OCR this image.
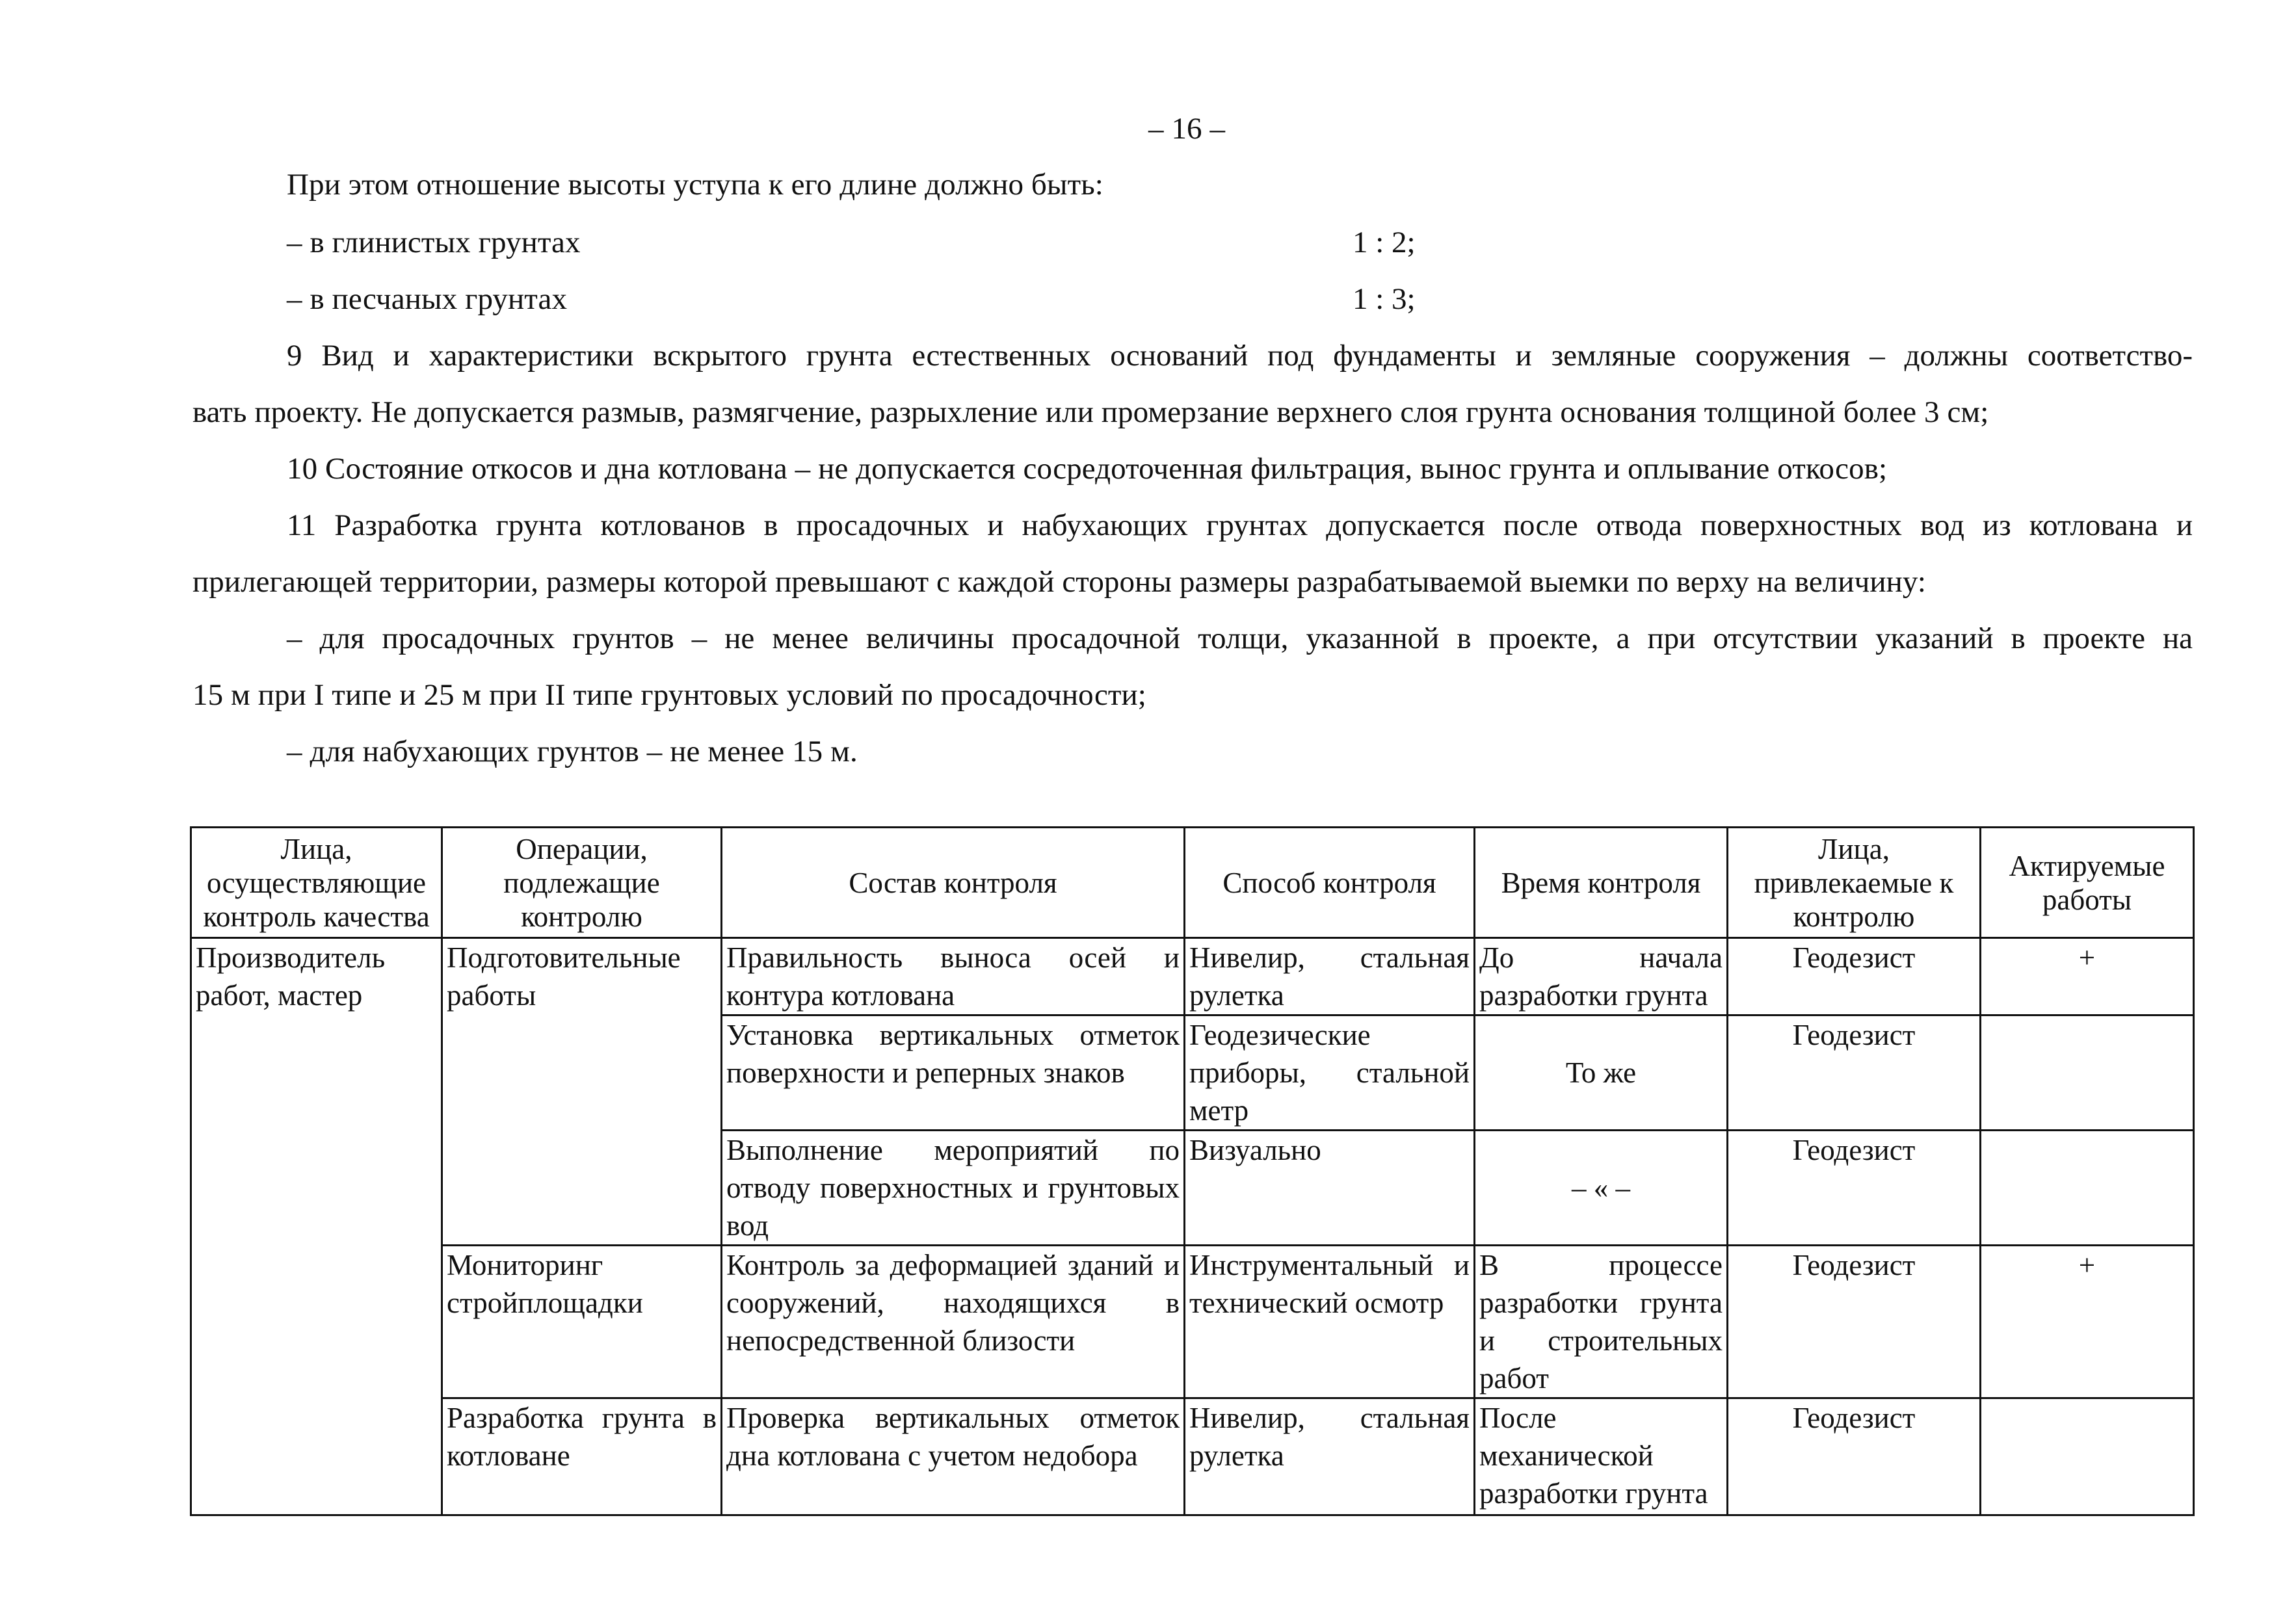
– 16 –
При этом отношение высоты уступа к его длине должно быть:
– в глинистых грунтах	1 : 2;
– в песчаных грунтах	1 : 3;
9 Вид и характеристики вскрытого грунта естественных оснований под фундаменты и земляные сооружения – должны соответство-
вать проекту. Не допускается размыв, размягчение, разрыхление или промерзание верхнего слоя грунта основания толщиной более 3 см;
10 Состояние откосов и дна котлована – не допускается сосредоточенная фильтрация, вынос грунта и оплывание откосов;
11 Разработка грунта котлованов в просадочных и набухающих грунтах допускается после отвода поверхностных вод из котлована и
прилегающей территории, размеры которой превышают с каждой стороны размеры разрабатываемой выемки по верху на величину:
– для просадочных грунтов – не менее величины просадочной толщи, указанной в проекте, а при отсутствии указаний в проекте на
15 м при I типе и 25 м при II типе грунтовых условий по просадочности;
– для набухающих грунтов – не менее 15 м.
Лица, осуществляющие контроль качества	Операции, подлежащие контролю	Состав контроля	Способ контроля	Время контроля	Лица, привлекаемые к контролю	Актируемые работы
Производитель работ, мастер	Подготовительные работы	Правильность выноса осей и контура котлована	Нивелир, стальная рулетка	До начала разработки грунта	Геодезист	+
		Установка вертикальных отметок поверхности и реперных знаков	Геодезические приборы, стальной метр	То же	Геодезист	
		Выполнение мероприятий по отводу поверхностных и грунтовых вод	Визуально	– « –	Геодезист	
	Мониторинг стройплощадки	Контроль за деформацией зданий и сооружений, находящихся в непосредственной близости	Инструментальный и технический осмотр	В процессе разработки грунта и строительных работ	Геодезист	+
	Разработка грунта в котловане	Проверка вертикальных отметок дна котлована с учетом недобора	Нивелир, стальная рулетка	После механической разработки грунта	Геодезист	
